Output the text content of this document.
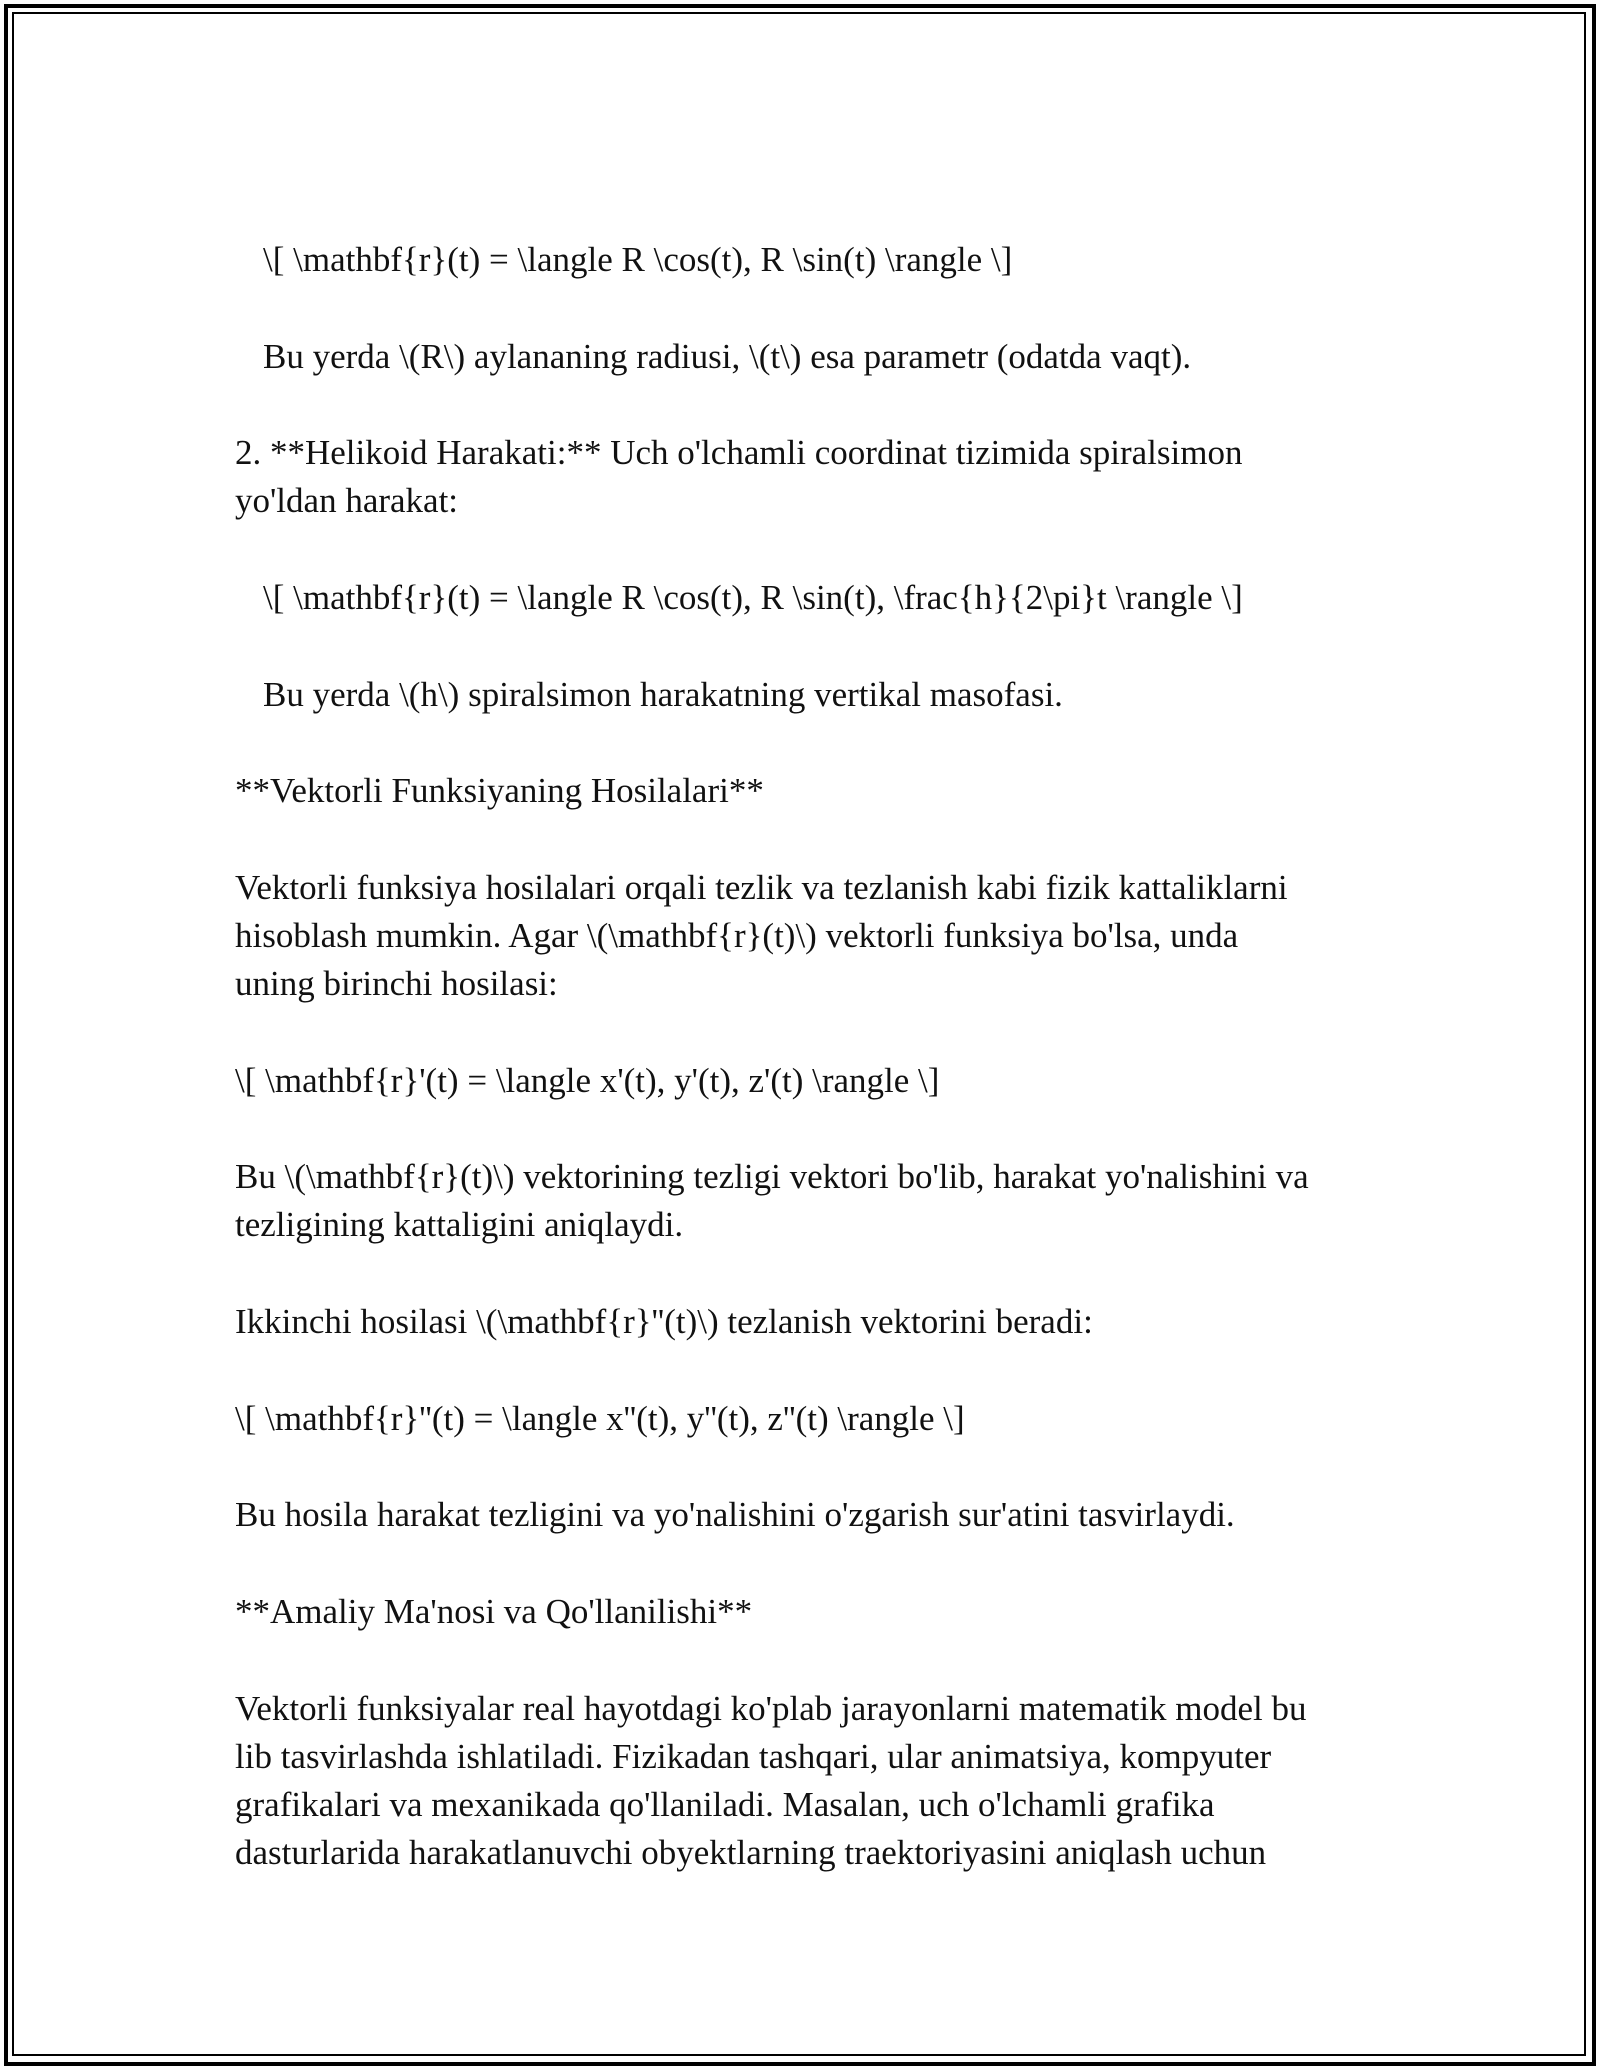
\[ \mathbf{r}(t) = \langle R \cos(t), R \sin(t) \rangle \]
Bu yerda \(R\) aylananing radiusi, \(t\) esa parametr (odatda vaqt).
2. **Helikoid Harakati:** Uch o'lchamli coordinat tizimida spiralsimon
yo'ldan harakat:
\[ \mathbf{r}(t) = \langle R \cos(t), R \sin(t), \frac{h}{2\pi}t \rangle \]
Bu yerda \(h\) spiralsimon harakatning vertikal masofasi.
**Vektorli Funksiyaning Hosilalari**
Vektorli funksiya hosilalari orqali tezlik va tezlanish kabi fizik kattaliklarni
hisoblash mumkin. Agar \(\mathbf{r}(t)\) vektorli funksiya bo'lsa, unda
uning birinchi hosilasi:
\[ \mathbf{r}'(t) = \langle x'(t), y'(t), z'(t) \rangle \]
Bu \(\mathbf{r}(t)\) vektorining tezligi vektori bo'lib, harakat yo'nalishini va
tezligining kattaligini aniqlaydi.
Ikkinchi hosilasi \(\mathbf{r}''(t)\) tezlanish vektorini beradi:
\[ \mathbf{r}''(t) = \langle x''(t), y''(t), z''(t) \rangle \]
Bu hosila harakat tezligini va yo'nalishini o'zgarish sur'atini tasvirlaydi.
**Amaliy Ma'nosi va Qo'llanilishi**
Vektorli funksiyalar real hayotdagi ko'plab jarayonlarni matematik model bu
lib tasvirlashda ishlatiladi. Fizikadan tashqari, ular animatsiya, kompyuter
grafikalari va mexanikada qo'llaniladi. Masalan, uch o'lchamli grafika
dasturlarida harakatlanuvchi obyektlarning traektoriyasini aniqlash uchun
